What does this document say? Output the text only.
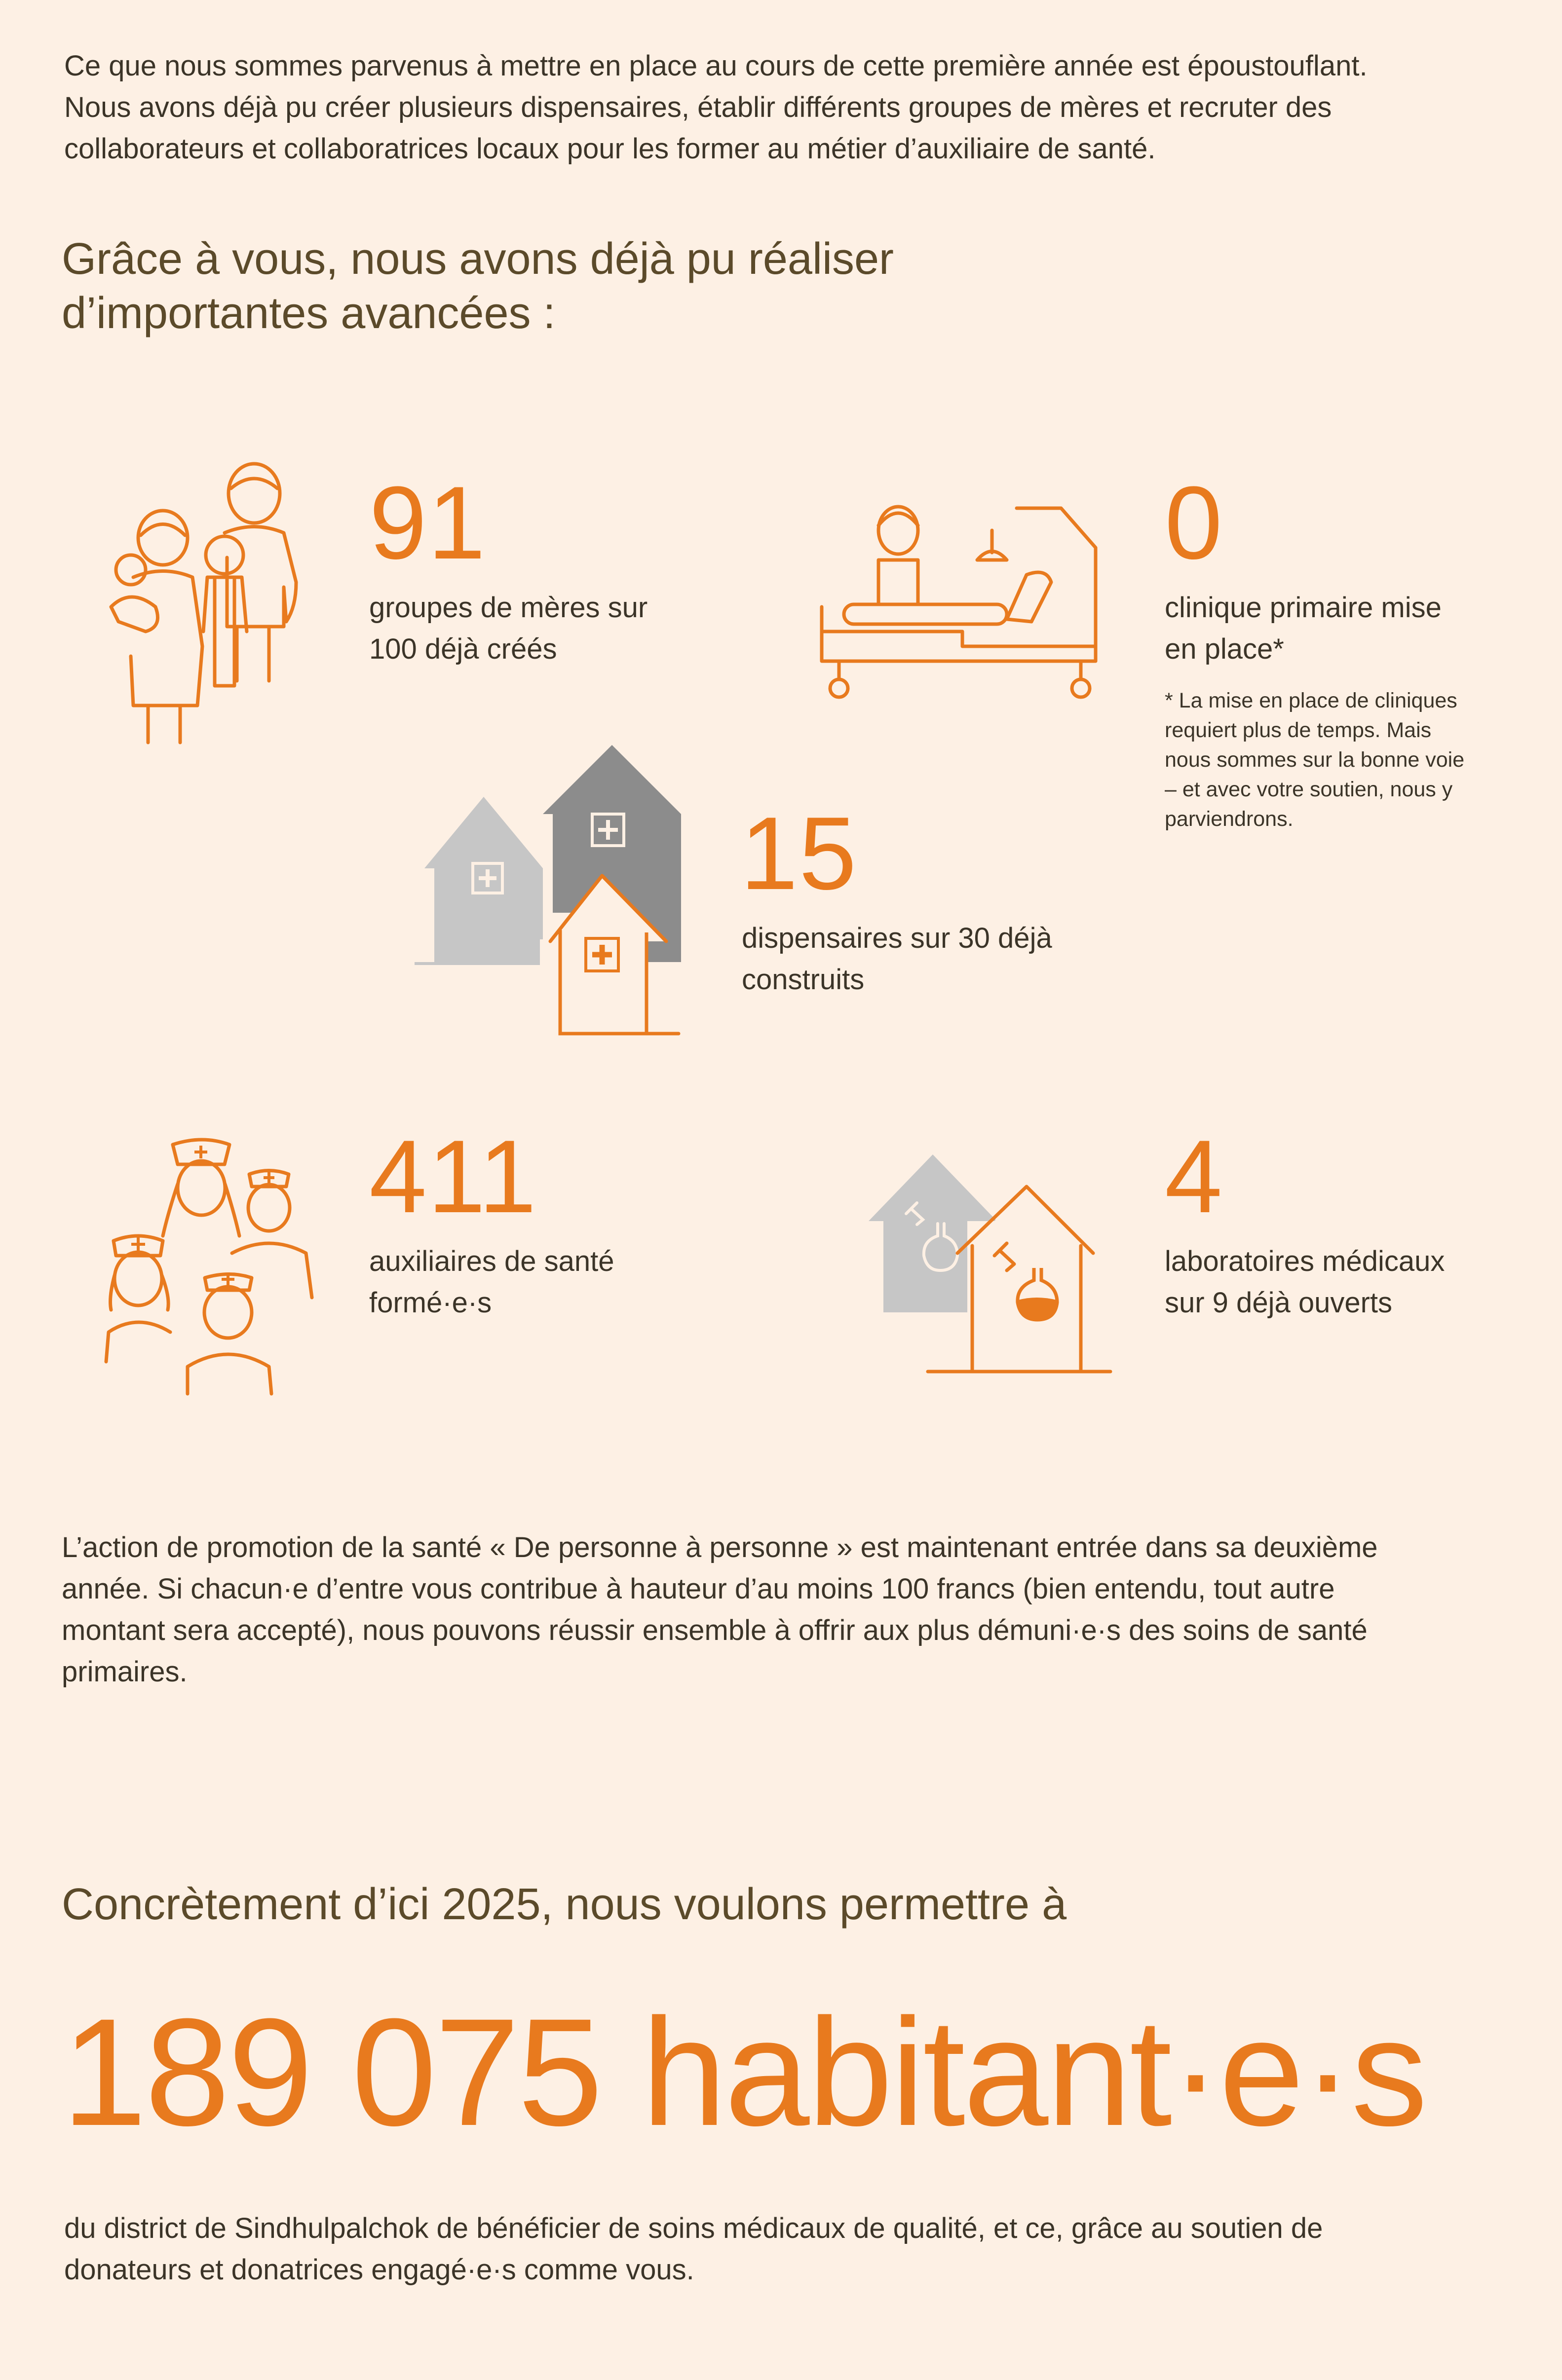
Ce que nous sommes parvenus à mettre en place au cours de cette première année est époustouflant.

Nous avons déjà pu créer plusieurs dispensaires, établir différents groupes de mères et recruter des

collaborateurs et collaboratrices locaux pour les former au métier d’auxiliaire de santé.

Grâce à vous, nous avons déjà pu réaliser
d’importantes avancées :
91
groupes de mères sur
100 déjà créés
0
clinique primaire mise
en place*
* La mise en place de cliniques
requiert plus de temps. Mais
nous sommes sur la bonne voie
– et avec votre soutien, nous y
parviendrons.
15
dispensaires sur 30 déjà
construits
411
auxiliaires de santé
formé·e·s
4
laboratoires médicaux
sur 9 déjà ouverts

L’action de promotion de la santé « De personne à personne » est maintenant entrée dans sa deuxième

année. Si chacun·e d’entre vous contribue à hauteur d’au moins 100 francs (bien entendu, tout autre

montant sera accepté), nous pouvons réussir ensemble à offrir aux plus démuni·e·s des soins de santé

primaires.

Concrètement d’ici 2025, nous voulons permettre à
189 075 habitant·e·s

du district de Sindhulpalchok de bénéficier de soins médicaux de qualité, et ce, grâce au soutien de

donateurs et donatrices engagé·e·s comme vous.
